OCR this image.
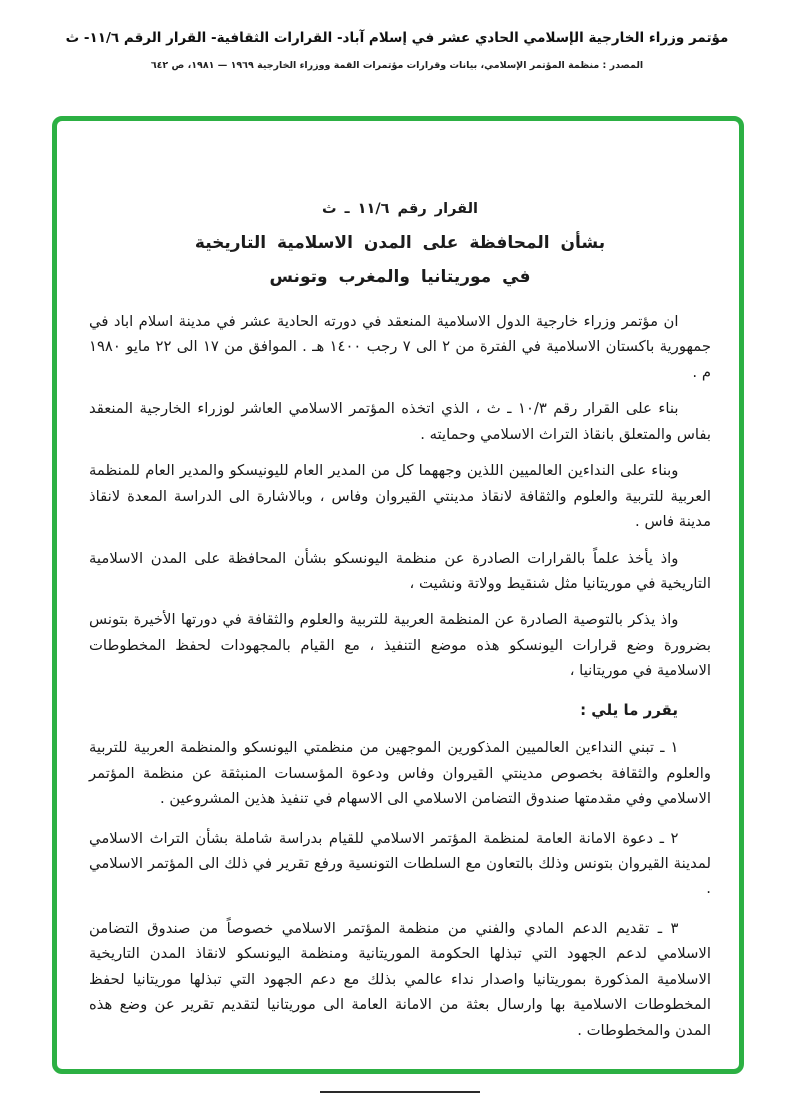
مؤتمر وزراء الخارجية الإسلامي الحادي عشر في إسلام آباد- القرارات الثقافية- القرار الرقم ١١/٦- ث
المصدر : منظمة المؤتمر الإسلامي، بيانات وقرارات مؤتمرات القمة ووزراء الخارجية ١٩٦٩ — ١٩٨١، ص ٦٤٢
القرار رقم ١١/٦ ـ ث
بشأن المحافظة على المدن الاسلامية التاريخية
في موريتانيا والمغرب وتونس

ان مؤتمر وزراء خارجية الدول الاسلامية المنعقد في دورته الحادية عشر في مدينة اسلام اباد في جمهورية باكستان الاسلامية في الفترة من ٢ الى ٧ رجب ١٤٠٠ هـ . الموافق من ١٧ الى ٢٢ مايو ١٩٨٠ م .

بناء على القرار رقم ١٠/٣ ـ ث ، الذي اتخذه المؤتمر الاسلامي العاشر لوزراء الخارجية المنعقد بفاس والمتعلق بانقاذ التراث الاسلامي وحمايته .

وبناء على النداءين العالميين اللذين وجههما كل من المدير العام لليونيسكو والمدير العام للمنظمة العربية للتربية والعلوم والثقافة لانقاذ مدينتي القيروان وفاس ، وبالاشارة الى الدراسة المعدة لانقاذ مدينة فاس .

واذ يأخذ علماً بالقرارات الصادرة عن منظمة اليونسكو بشأن المحافظة على المدن الاسلامية التاريخية في موريتانيا مثل شنقيط وولاتة ونشيت ،

واذ يذكر بالتوصية الصادرة عن المنظمة العربية للتربية والعلوم والثقافة في دورتها الأخيرة بتونس بضرورة وضع قرارات اليونسكو هذه موضع التنفيذ ، مع القيام بالمجهودات لحفظ المخطوطات الاسلامية في موريتانيا ،

يقرر ما يلي :

١ ـ تبني النداءين العالميين المذكورين الموجهين من منظمتي اليونسكو والمنظمة العربية للتربية والعلوم والثقافة بخصوص مدينتي القيروان وفاس ودعوة المؤسسات المنبثقة عن منظمة المؤتمر الاسلامي وفي مقدمتها صندوق التضامن الاسلامي الى الاسهام في تنفيذ هذين المشروعين .

٢ ـ دعوة الامانة العامة لمنظمة المؤتمر الاسلامي للقيام بدراسة شاملة بشأن التراث الاسلامي لمدينة القيروان بتونس وذلك بالتعاون مع السلطات التونسية ورفع تقرير في ذلك الى المؤتمر الاسلامي .

٣ ـ تقديم الدعم المادي والفني من منظمة المؤتمر الاسلامي خصوصاً من صندوق التضامن الاسلامي لدعم الجهود التي تبذلها الحكومة الموريتانية ومنظمة اليونسكو لانقاذ المدن التاريخية الاسلامية المذكورة بموريتانيا واصدار نداء عالمي بذلك مع دعم الجهود التي تبذلها موريتانيا لحفظ المخطوطات الاسلامية بها وارسال بعثة من الامانة العامة الى موريتانيا لتقديم تقرير عن وضع هذه المدن والمخطوطات .
